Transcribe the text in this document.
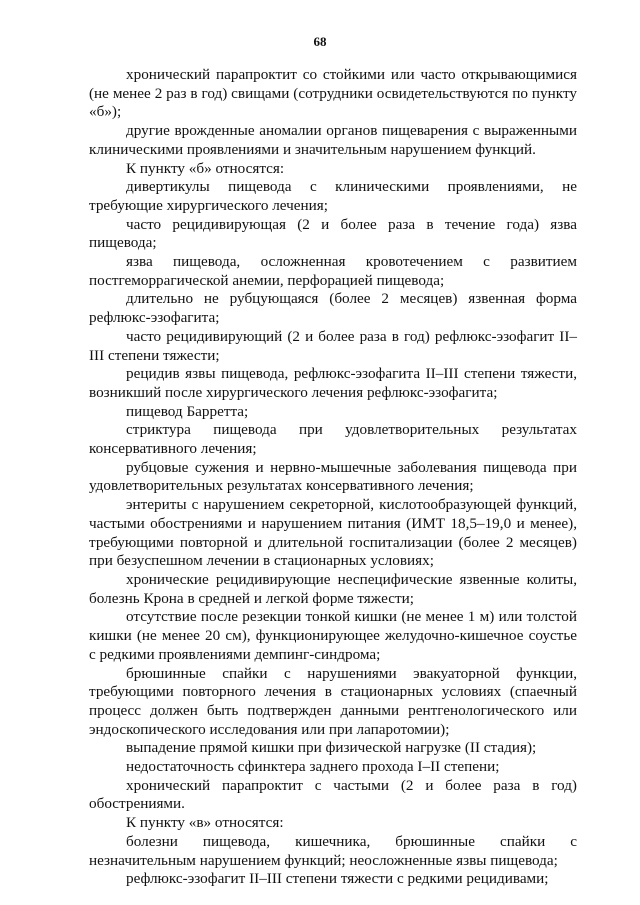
68

хронический парапроктит со стойкими или часто открывающимися (не менее 2 раз в год) свищами (сотрудники освидетельствуются по пункту «б»);

другие врожденные аномалии органов пищеварения с выраженными клиническими проявлениями и значительным нарушением функций.

К пункту «б» относятся:

дивертикулы пищевода с клиническими проявлениями, не требующие хирургического лечения;

часто рецидивирующая (2 и более раза в течение года) язва пищевода;

язва пищевода, осложненная кровотечением с развитием постгеморрагической анемии, перфорацией пищевода;

длительно не рубцующаяся (более 2 месяцев) язвенная форма рефлюкс-эзофагита;

часто рецидивирующий (2 и более раза в год) рефлюкс-эзофагит II–III степени тяжести;

рецидив язвы пищевода, рефлюкс-эзофагита II–III степени тяжести, возникший после хирургического лечения рефлюкс-эзофагита;

пищевод Барретта;

стриктура пищевода при удовлетворительных результатах консервативного лечения;

рубцовые сужения и нервно-мышечные заболевания пищевода при удовлетворительных результатах консервативного лечения;

энтериты с нарушением секреторной, кислотообразующей функций, частыми обострениями и нарушением питания (ИМТ 18,5–19,0 и менее), требующими повторной и длительной госпитализации (более 2 месяцев) при безуспешном лечении в стационарных условиях;

хронические рецидивирующие неспецифические язвенные колиты, болезнь Крона в средней и легкой форме тяжести;

отсутствие после резекции тонкой кишки (не менее 1 м) или толстой кишки (не менее 20 см), функционирующее желудочно-кишечное соустье с редкими проявлениями демпинг-синдрома;

брюшинные спайки с нарушениями эвакуаторной функции, требующими повторного лечения в стационарных условиях (спаечный процесс должен быть подтвержден данными рентгенологического или эндоскопического исследования или при лапаротомии);

выпадение прямой кишки при физической нагрузке (II стадия);

недостаточность сфинктера заднего прохода I–II степени;

хронический парапроктит с частыми (2 и более раза в год) обострениями.

К пункту «в» относятся:

болезни пищевода, кишечника, брюшинные спайки с незначительным нарушением функций; неосложненные язвы пищевода;

рефлюкс-эзофагит II–III степени тяжести с редкими рецидивами;
